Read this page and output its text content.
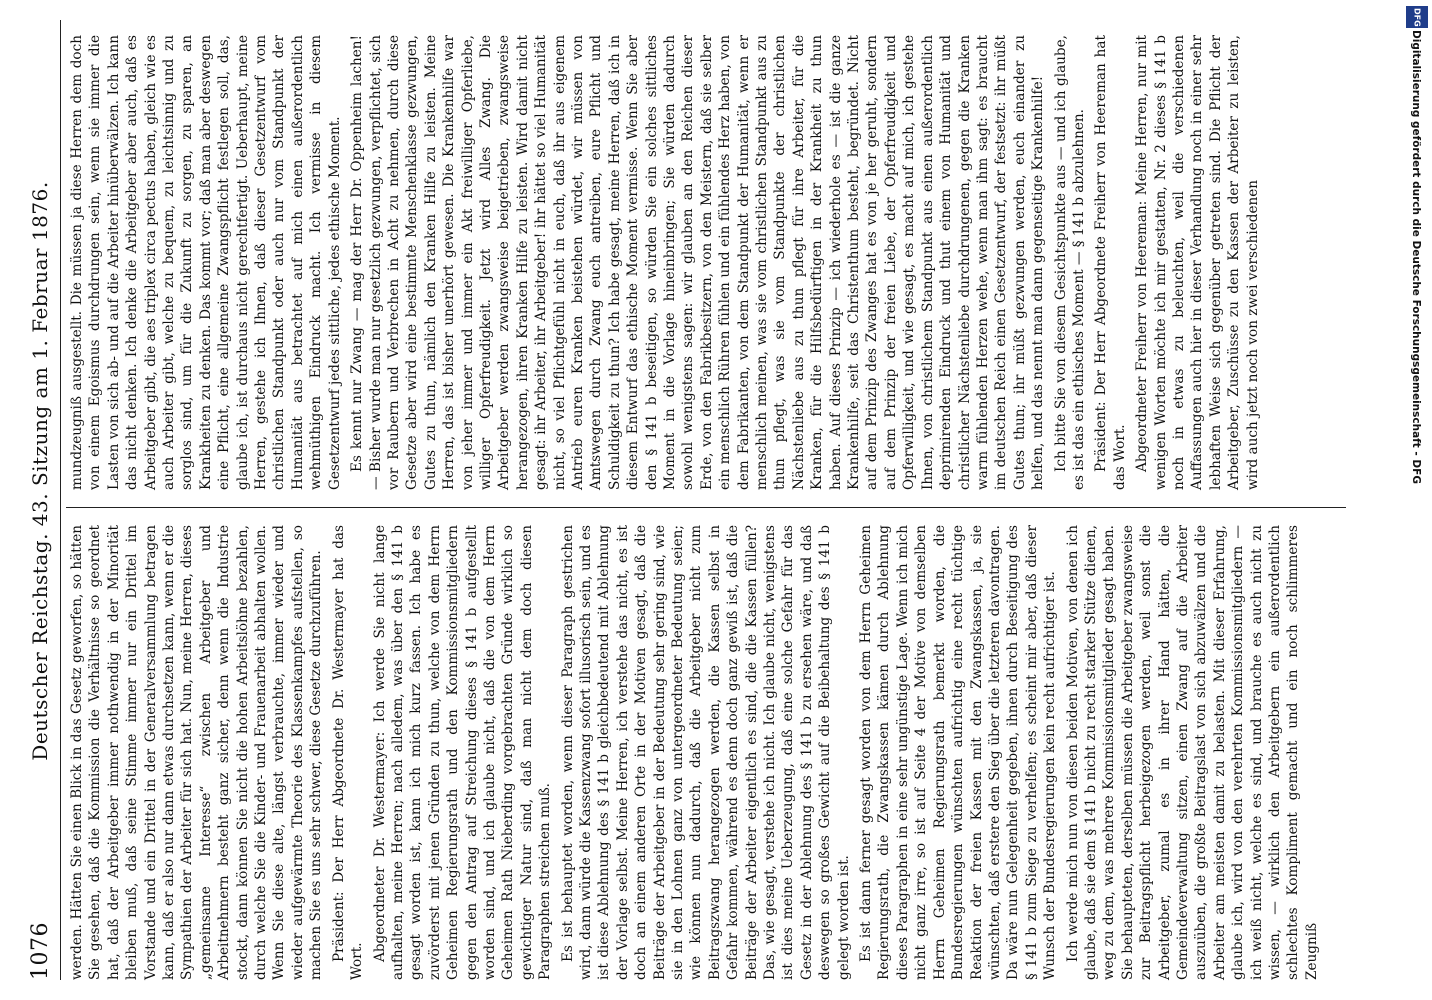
1076
Deutscher Reichstag. 43. Sitzung am 1. Februar 1876. werden. Hätten Sie einen Blick in das Gesetz geworfen, so hätten Sie gesehen, daß die Kommission die Verhältnisse so geordnet hat, daß der Arbeitgeber immer nothwendig in der Minorität bleiben muß, daß seine Stimme immer nur ein Drittel im Vorstande und ein Drittel in der Generalversammlung betragen kann, daß er also nur dann etwas durchsetzen kann, wenn er die Sympathien der Arbeiter für sich hat. Nun, meine Herren, dieses „gemeinsame Interesse“ zwischen Arbeitgeber und Arbeitnehmern besteht ganz sicher, denn wenn die Industrie stockt, dann können Sie nicht die hohen Arbeitslöhne bezahlen, durch welche Sie die Kinder- und Frauenarbeit abhalten wollen. Wenn Sie diese alte, längst verbrauchte, immer wieder und wieder aufgewärmte Theorie des Klassenkampfes aufstellen, so machen Sie es uns sehr schwer, diese Gesetze durchzuführen. Präsident: Der Herr Abgeordnete Dr. Westermayer hat das Wort. Abgeordneter Dr. Westermayer: Ich werde Sie nicht lange aufhalten, meine Herren; nach alledem, was über den § 141 b gesagt worden ist, kann ich mich kurz fassen. Ich habe es zuvörderst mit jenen Gründen zu thun, welche von dem Herrn Geheimen Regierungsrath und den Kommissionsmitgliedern gegen den Antrag auf Streichung dieses § 141 b aufgestellt worden sind, und ich glaube nicht, daß die von dem Herrn Geheimen Rath Nieberding vorgebrachten Gründe wirklich so gewichtiger Natur sind, daß man nicht dem doch diesen Paragraphen streichen muß. Es ist behauptet worden, wenn dieser Paragraph gestrichen wird, dann würde die Kassenzwang sofort illusorisch sein, und es ist diese Ablehnung des § 141 b gleichbedeutend mit Ablehnung der Vorlage selbst. Meine Herren, ich verstehe das nicht, es ist doch an einem anderen Orte in der Motiven gesagt, daß die Beiträge der Arbeitgeber in der Bedeutung sehr gering sind, wie sie in den Lohnen ganz von untergeordneter Bedeutung seien; wie können nun dadurch, daß die Arbeitgeber nicht zum Beitragszwang herangezogen werden, die Kassen selbst in Gefahr kommen, während es denn doch ganz gewiß ist, daß die Beiträge der Arbeiter eigentlich es sind, die die Kassen füllen? Das, wie gesagt, verstehe ich nicht. Ich glaube nicht, wenigstens ist dies meine Ueberzeugung, daß eine solche Gefahr für das Gesetz in der Ablehnung des § 141 b zu ersehen wäre, und daß deswegen so großes Gewicht auf die Beibehaltung des § 141 b gelegt worden ist. Es ist dann ferner gesagt worden von dem Herrn Geheimen Regierungsrath, die Zwangskassen kämen durch Ablehnung dieses Paragraphen in eine sehr ungünstige Lage. Wenn ich mich nicht ganz irre, so ist auf Seite 4 der Motive von demselben Herrn Geheimen Regierungsrath bemerkt worden, die Bundesregierungen wünschten aufrichtig eine recht tüchtige Reaktion der freien Kassen mit den Zwangskassen, ja, sie wünschten, daß erstere den Sieg über die letzteren davontragen. Da wäre nun Gelegenheit gegeben, ihnen durch Beseitigung des § 141 b zum Siege zu verhelfen; es scheint mir aber, daß dieser Wunsch der Bundesregierungen kein recht aufrichtiger ist. Ich werde mich nun von diesen beiden Motiven, von denen ich glaube, daß sie dem § 141 b nicht zu recht starker Stütze dienen, weg zu dem, was mehrere Kommissionsmitglieder gesagt haben. Sie behaupteten, derselben müssen die Arbeitgeber zwangsweise zur Beitragspflicht herbeigezogen werden, weil sonst die Arbeitgeber, zumal es in ihrer Hand hätten, die Gemeindeverwaltung sitzen, einen Zwang auf die Arbeiter auszuüben, die großte Beitragslast von sich abzuwälzen und die Arbeiter am meisten damit zu belasten. Mit dieser Erfahrung, glaube ich, wird von den verehrten Kommissionsmitgliedern — ich weiß nicht, welche es sind, und brauche es auch nicht zu wissen, — wirklich den Arbeitgebern ein außerordentlich schlechtes Kompliment gemacht und ein noch schlimmeres Zeugniß

mundzeugniß ausgestellt. Die müssen ja diese Herren dem doch von einem Egoismus durchdrungen sein, wenn sie immer die Lasten von sich ab- und auf die Arbeiter hinüberwälzen. Ich kann das nicht denken. Ich denke die Arbeitgeber aber auch, daß es Arbeitgeber gibt, die aes triplex circa pectus haben, gleich wie es auch Arbeiter gibt, welche zu bequem, zu leichtsinnig und zu sorglos sind, um für die Zukunft zu sorgen, zu sparen, an Krankheiten zu denken. Das kommt vor; daß man aber deswegen eine Pflicht, eine allgemeine Zwangspflicht festlegen soll, das, glaube ich, ist durchaus nicht gerechtfertigt. Ueberhaupt, meine Herren, gestehe ich Ihnen, daß dieser Gesetzentwurf vom christlichen Standpunkt oder auch nur vom Standpunkt der Humanität aus betrachtet auf mich einen außerordentlich wehmüthigen Eindruck macht. Ich vermisse in diesem Gesetzentwurf jedes sittliche, jedes ethische Moment. Es kennt nur Zwang — mag der Herr Dr. Oppenheim lachen! — Bisher wurde man nur gesetzlich gezwungen, verpflichtet, sich vor Raubern und Verbrechen in Acht zu nehmen, durch diese Gesetze aber wird eine bestimmte Menschenklasse gezwungen, Gutes zu thun, nämlich den Kranken Hilfe zu leisten. Meine Herren, das ist bisher unerhört gewesen. Die Krankenhilfe war von jeher immer und immer ein Akt freiwilliger Opferliebe, williger Opferfreudigkeit. Jetzt wird Alles Zwang. Die Arbeitgeber werden zwangsweise beigetrieben, zwangsweise herangezogen, ihren Kranken Hilfe zu leisten. Wird damit nicht gesagt: ihr Arbeiter, ihr Arbeitgeber! ihr hättet so viel Humanität nicht, so viel Pflichtgefühl nicht in euch, daß ihr aus eigenem Antrieb euren Kranken beistehen würdet, wir müssen von Amtswegen durch Zwang euch antreiben, eure Pflicht und Schuldigkeit zu thun? Ich habe gesagt, meine Herren, daß ich in diesem Entwurf das ethische Moment vermisse. Wenn Sie aber den § 141 b beseitigen, so würden Sie ein solches sittliches Moment in die Vorlage hineinbringen; Sie würden dadurch sowohl wenigstens sagen: wir glauben an den Reichen dieser Erde, von den Fabrikbesitzern, von den Meistern, daß sie selber ein menschlich Rühren fühlen und ein fühlendes Herz haben, von dem Fabrikanten, von dem Standpunkt der Humanität, wenn er menschlich meinen, was sie vom christlichen Standpunkt aus zu thun pflegt, was sie vom Standpunkte der christlichen Nächstenliebe aus zu thun pflegt für ihre Arbeiter, für die Kranken, für die Hilfsbedürftigen in der Krankheit zu thun haben. Auf dieses Prinzip — ich wiederhole es — ist die ganze Krankenhilfe, seit das Christenthum besteht, begründet. Nicht auf dem Prinzip des Zwanges hat es von je her geruht, sondern auf dem Prinzip der freien Liebe, der Opferfreudigkeit und Opferwilligkeit, und wie gesagt, es macht auf mich, ich gestehe Ihnen, von christlichem Standpunkt aus einen außerordentlich deprimirenden Eindruck und thut einem von Humanität und christlicher Nächstenliebe durchdrungenen, gegen die Kranken warm fühlenden Herzen wehe, wenn man ihm sagt: es braucht im deutschen Reich einen Gesetzentwurf, der festsetzt: ihr müßt Gutes thun; ihr müßt gezwungen werden, euch einander zu helfen, und das nennt man dann gegenseitige Krankenhilfe! Ich bitte Sie von diesem Gesichtspunkte aus — und ich glaube, es ist das ein ethisches Moment — § 141 b abzulehnen. Präsident: Der Herr Abgeordnete Freiherr von Heereman hat das Wort. Abgeordneter Freiherr von Heereman: Meine Herren, nur mit wenigen Worten möchte ich mir gestatten, Nr. 2 dieses § 141 b noch in etwas zu beleuchten, weil die verschiedenen Auffassungen auch hier in dieser Verhandlung noch in einer sehr lebhaften Weise sich gegenüber getreten sind. Die Pflicht der Arbeitgeber, Zuschüsse zu den Kassen der Arbeiter zu leisten, wird auch jetzt noch von zwei verschiedenen

DFG
Digitalisierung gefördert durch die Deutsche Forschungsgemeinschaft - DFG
